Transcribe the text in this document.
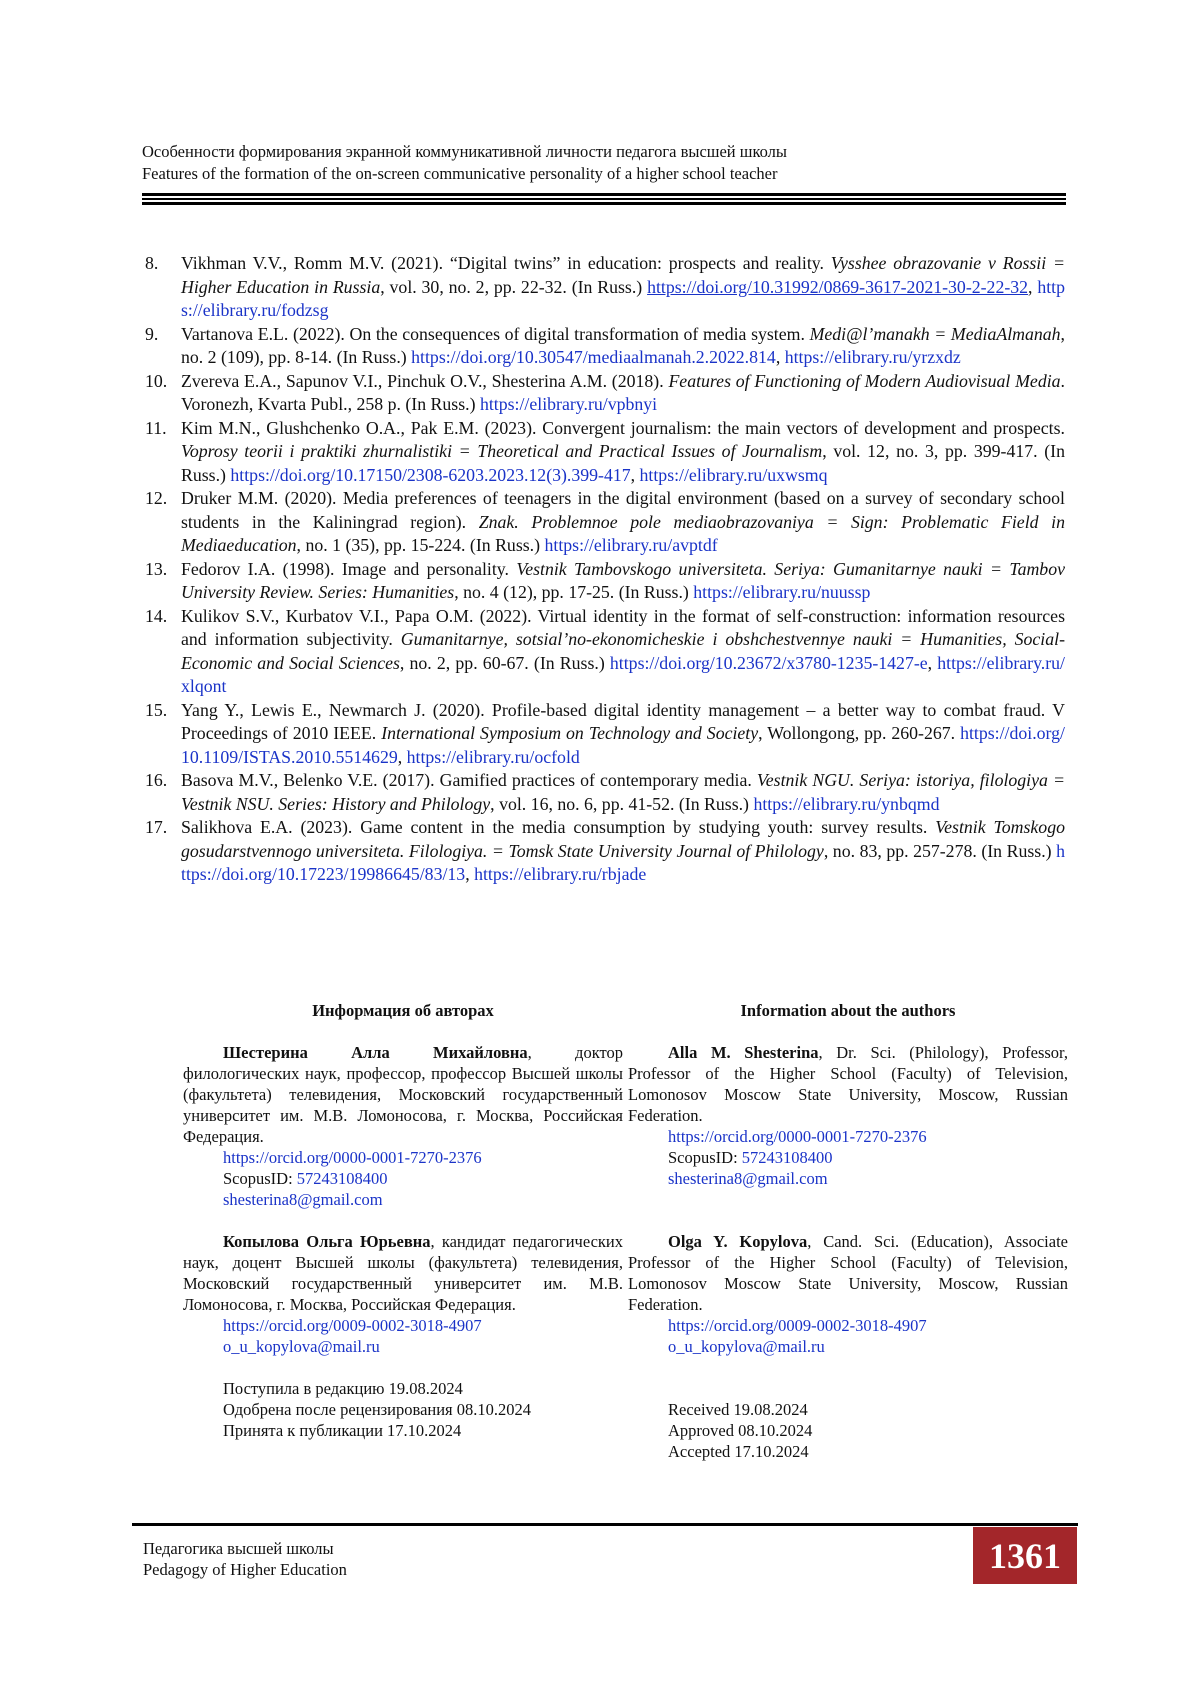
Особенности формирования экранной коммуникативной личности педагога высшей школы

Features of the formation of the on-screen communicative personality of a higher school teacher

8.	Vikhman V.V., Romm M.V. (2021). “Digital twins” in education: prospects and reality. Vysshee obrazovanie v Rossii = Higher Education in Russia, vol. 30, no. 2, pp. 22-32. (In Russ.) https://doi.org/10.31992/0869-3617-2021-30-2-22-32, https://elibrary.ru/fodzsg
9.	Vartanova E.L. (2022). On the consequences of digital transformation of media system. Medi@l’manakh = MediaAlmanah, no. 2 (109), pp. 8-14. (In Russ.) https://doi.org/10.30547/mediaalmanah.2.2022.814, https://elibrary.ru/yrzxdz
10. Zvereva E.A., Sapunov V.I., Pinchuk O.V., Shesterina A.M. (2018). Features of Functioning of Modern Audiovisual Media. Voronezh, Kvarta Publ., 258 p. (In Russ.) https://elibrary.ru/vpbnyi
11. Kim M.N., Glushchenko O.A., Pak E.M. (2023). Convergent journalism: the main vectors of development and prospects. Voprosy teorii i praktiki zhurnalistiki = Theoretical and Practical Issues of Journalism, vol. 12, no. 3, pp. 399-417. (In Russ.) https://doi.org/10.17150/2308-6203.2023.12(3).399-417, https://elibrary.ru/uxwsmq
12. Druker M.M. (2020). Media preferences of teenagers in the digital environment (based on a survey of secondary school students in the Kaliningrad region). Znak. Problemnoe pole mediaobrazovaniya = Sign: Problematic Field in Mediaeducation, no. 1 (35), pp. 15-224. (In Russ.) https://elibrary.ru/avptdf
13. Fedorov I.A. (1998). Image and personality. Vestnik Tambovskogo universiteta. Seriya: Gumanitarnye nauki = Tambov University Review. Series: Humanities, no. 4 (12), pp. 17-25. (In Russ.) https://elibrary.ru/nuussp
14. Kulikov S.V., Kurbatov V.I., Papa O.M. (2022). Virtual identity in the format of self-construction: information resources and information subjectivity. Gumanitarnye, sotsial’no-ekonomicheskie i obshchestvennye nauki = Humanities, Social-Economic and Social Sciences, no. 2, pp. 60-67. (In Russ.) https://doi.org/10.23672/x3780-1235-1427-e, https://elibrary.ru/xlqont
15. Yang Y., Lewis E., Newmarch J. (2020). Profile-based digital identity management – a better way to combat fraud. V Proceedings of 2010 IEEE. International Symposium on Technology and Society, Wollongong, pp. 260-267. https://doi.org/10.1109/ISTAS.2010.5514629, https://elibrary.ru/ocfold
16. Basova M.V., Belenko V.E. (2017). Gamified practices of contemporary media. Vestnik NGU. Seriya: istoriya, filologiya = Vestnik NSU. Series: History and Philology, vol. 16, no. 6, pp. 41-52. (In Russ.) https://elibrary.ru/ynbqmd
17. Salikhova E.A. (2023). Game content in the media consumption by studying youth: survey results. Vestnik Tomskogo gosudarstvennogo universiteta. Filologiya. = Tomsk State University Journal of Philology, no. 83, pp. 257-278. (In Russ.) https://doi.org/10.17223/19986645/83/13, https://elibrary.ru/rbjade

Информация об авторах

Шестерина Алла Михайловна, доктор филологических наук, профессор, профессор Высшей школы (факультета) телевидения, Московский государственный университет им. М.В. Ломоносова, г. Москва, Российская Федерация.

https://orcid.org/0000-0001-7270-2376
ScopusID: 57243108400
shesterina8@gmail.com

Копылова Ольга Юрьевна, кандидат педагогических наук, доцент Высшей школы (факультета) телевидения, Московский государственный университет им. М.В. Ломоносова, г. Москва, Российская Федерация.

https://orcid.org/0009-0002-3018-4907
o_u_kopylova@mail.ru

Поступила в редакцию 19.08.2024
Одобрена после рецензирования 08.10.2024
Принята к публикации 17.10.2024

Information about the authors

Alla M. Shesterina, Dr. Sci. (Philology), Professor, Professor of the Higher School (Faculty) of Television, Lomonosov Moscow State University, Moscow, Russian Federation.

https://orcid.org/0000-0001-7270-2376
ScopusID: 57243108400
shesterina8@gmail.com

Olga Y. Kopylova, Cand. Sci. (Education), Associate Professor of the Higher School (Faculty) of Television, Lomonosov Moscow State University, Moscow, Russian Federation.

https://orcid.org/0009-0002-3018-4907
o_u_kopylova@mail.ru

Received 19.08.2024
Approved 08.10.2024
Accepted 17.10.2024

Педагогика высшей школы
Pedagogy of Higher Education	1361
